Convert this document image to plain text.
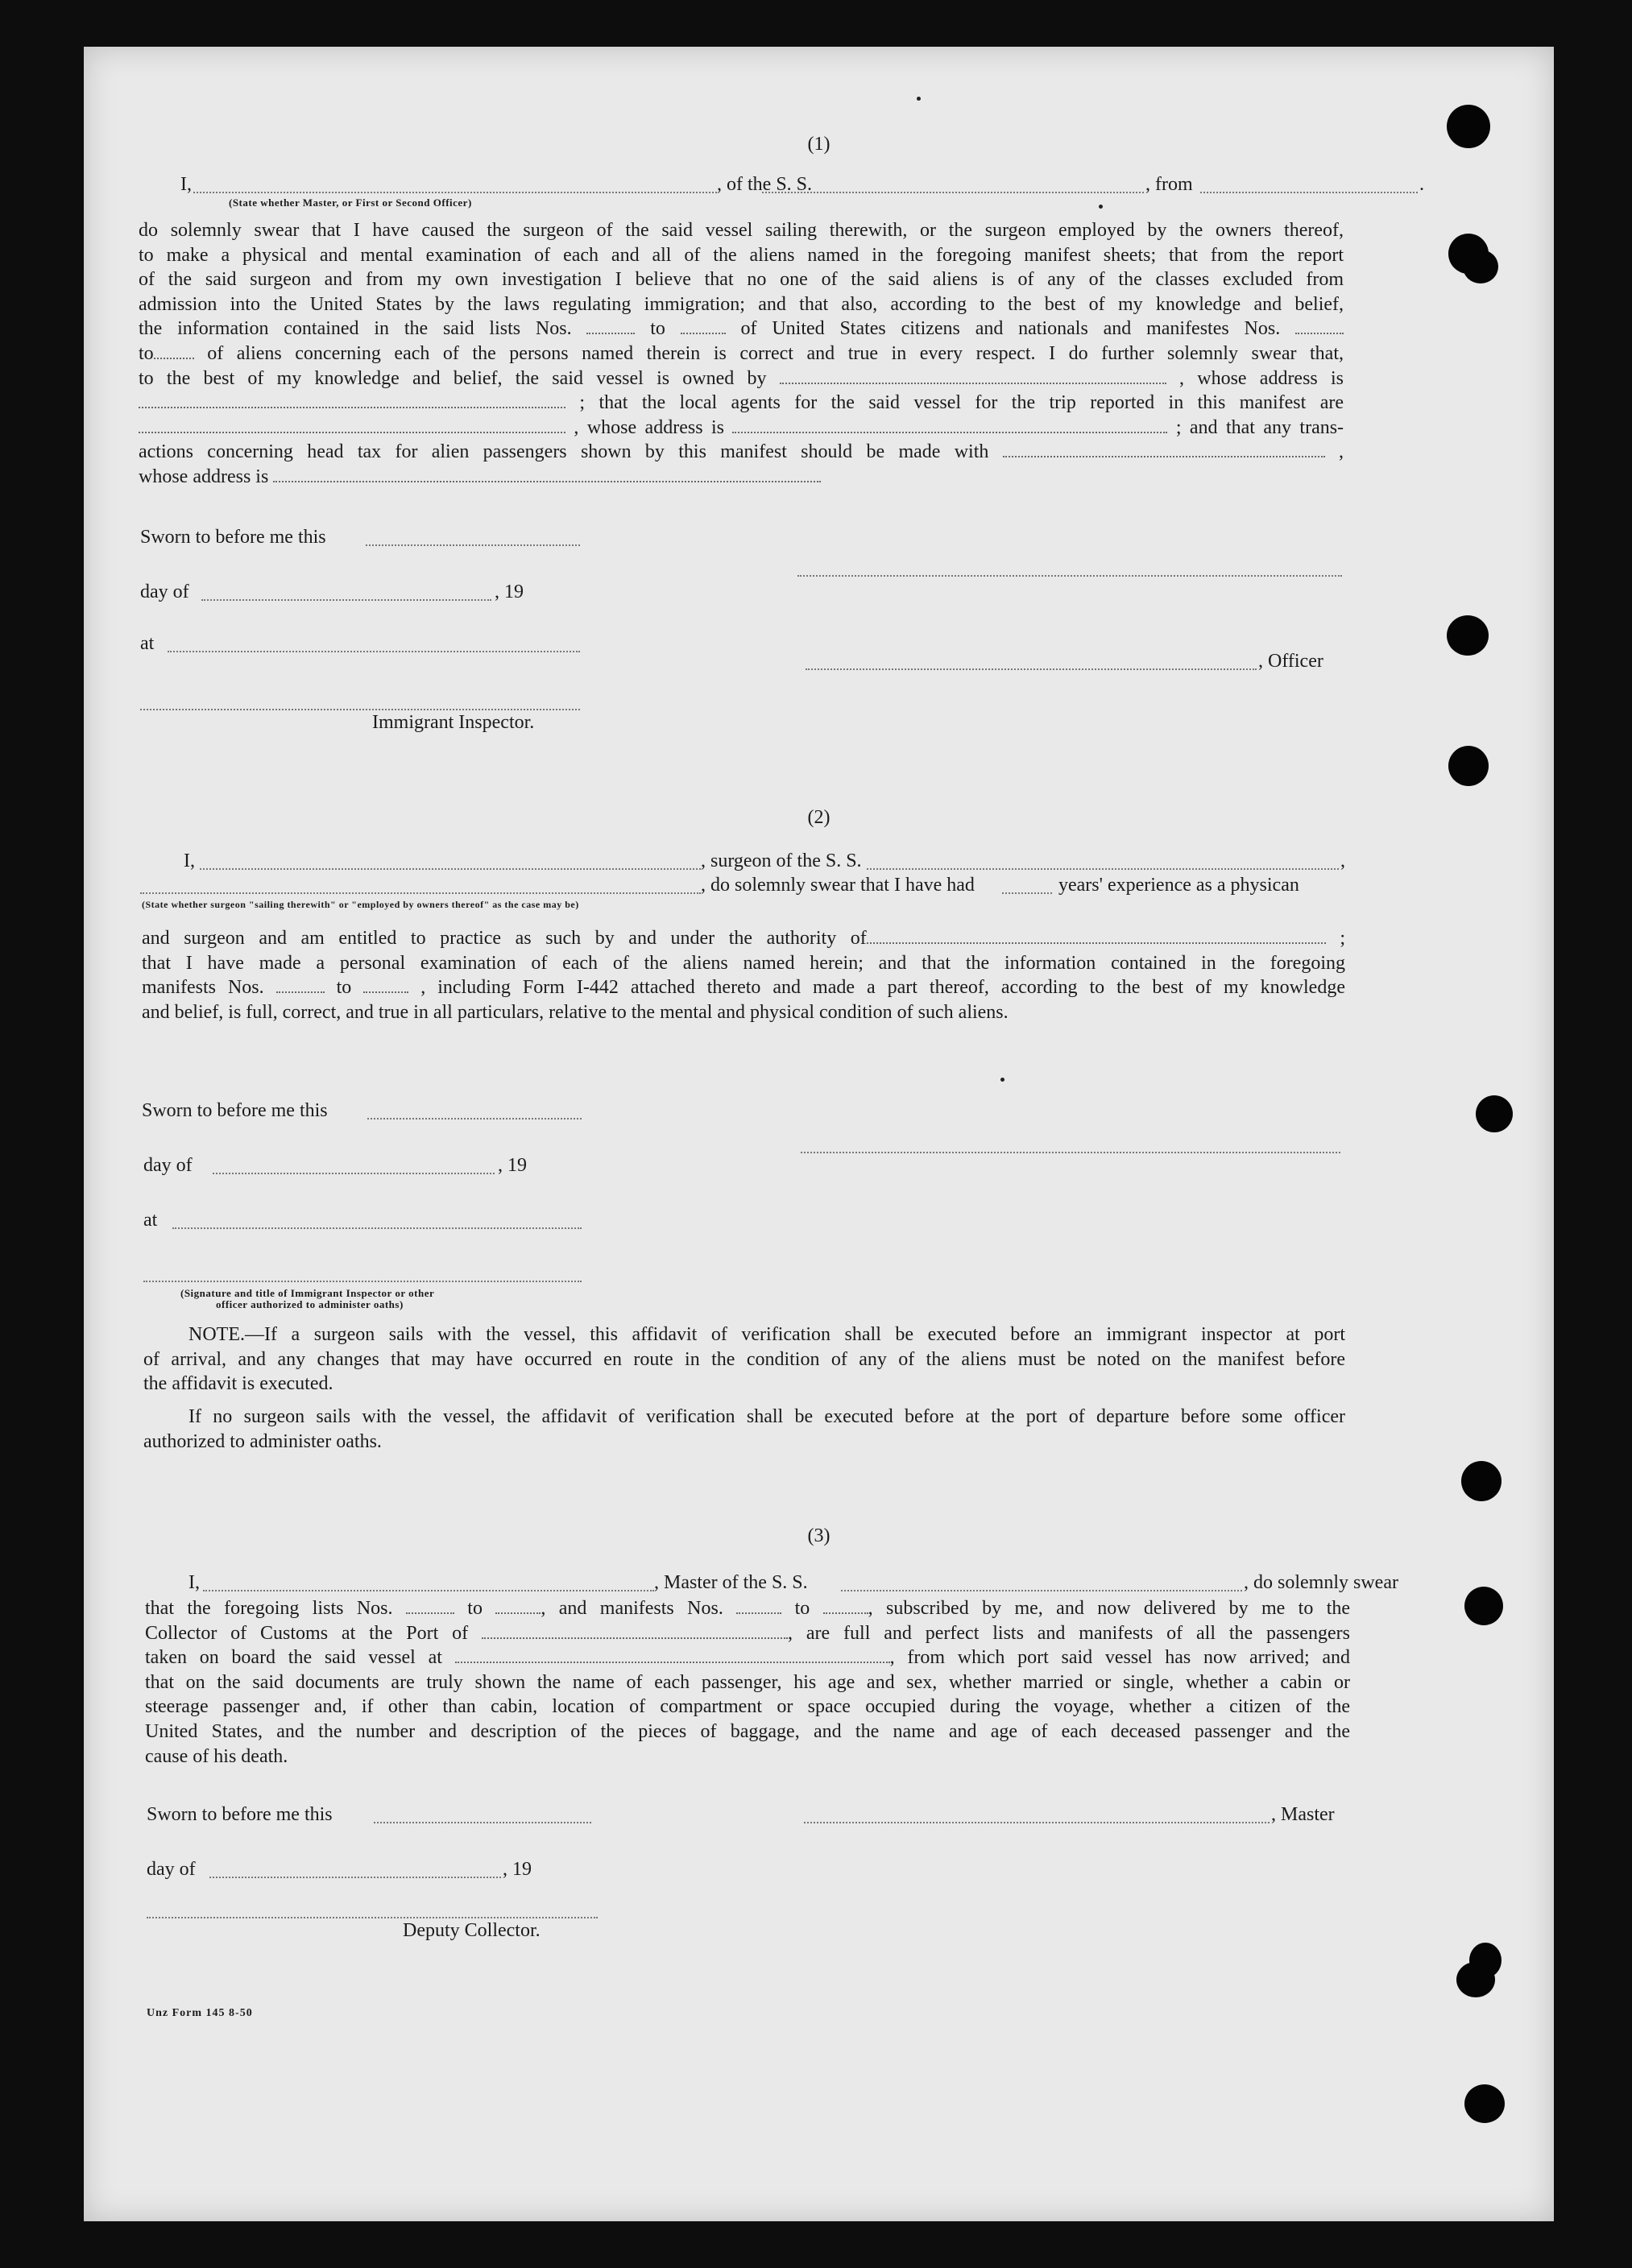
(1)
I,	, of the S. S.	, from	.
(State whether Master, or First or Second Officer)
do solemnly swear that I have caused the surgeon of the said vessel sailing therewith, or the surgeon employed by the owners thereof,
to make a physical and mental examination of each and all of the aliens named in the foregoing manifest sheets; that from the report
of the said surgeon and from my own investigation I believe that no one of the said aliens is of any of the classes excluded from
admission into the United States by the laws regulating immigration; and that also, according to the best of my knowledge and belief,
the information contained in the said lists Nos.	to	of United States citizens and nationals and manifestes Nos.
to	of aliens concerning each of the persons named therein is correct and true in every respect. I do further solemnly swear that,
to the best of my knowledge and belief, the said vessel is owned by	, whose address is
; that the local agents for the said vessel for the trip reported in this manifest are
, whose address is	; and that any trans-
actions concerning head tax for alien passengers shown by this manifest should be made with	,
whose address is
Sworn to before me this
day of	, 19
at
, Officer
Immigrant Inspector.
(2)
I,	, surgeon of the S. S.	,
, do solemnly swear that I have had	years' experience as a physican
(State whether surgeon "sailing therewith" or "employed by owners thereof" as the case may be)
and surgeon and am entitled to practice as such by and under the authority of	;
that I have made a personal examination of each of the aliens named herein; and that the information contained in the foregoing
manifests Nos.	to	, including Form I-442 attached thereto and made a part thereof, according to the best of my knowledge
and belief, is full, correct, and true in all particulars, relative to the mental and physical condition of such aliens.
Sworn to before me this
day of	, 19
at
(Signature and title of Immigrant Inspector or other
officer authorized to administer oaths)
NOTE.—If a surgeon sails with the vessel, this affidavit of verification shall be executed before an immigrant inspector at port
of arrival, and any changes that may have occurred en route in the condition of any of the aliens must be noted on the manifest before
the affidavit is executed.
If no surgeon sails with the vessel, the affidavit of verification shall be executed before at the port of departure before some officer
authorized to administer oaths.
(3)
I,	, Master of the S. S.	, do solemnly swear
that the foregoing lists Nos.	to	, and manifests Nos.	to	, subscribed by me, and now delivered by me to the
Collector of Customs at the Port of	, are full and perfect lists and manifests of all the passengers
taken on board the said vessel at	, from which port said vessel has now arrived; and
that on the said documents are truly shown the name of each passenger, his age and sex, whether married or single, whether a cabin or
steerage passenger and, if other than cabin, location of compartment or space occupied during the voyage, whether a citizen of the
United States, and the number and description of the pieces of baggage, and the name and age of each deceased passenger and the
cause of his death.
Sworn to before me this	, Master
day of	, 19
Deputy Collector.
Unz Form 145 8-50
